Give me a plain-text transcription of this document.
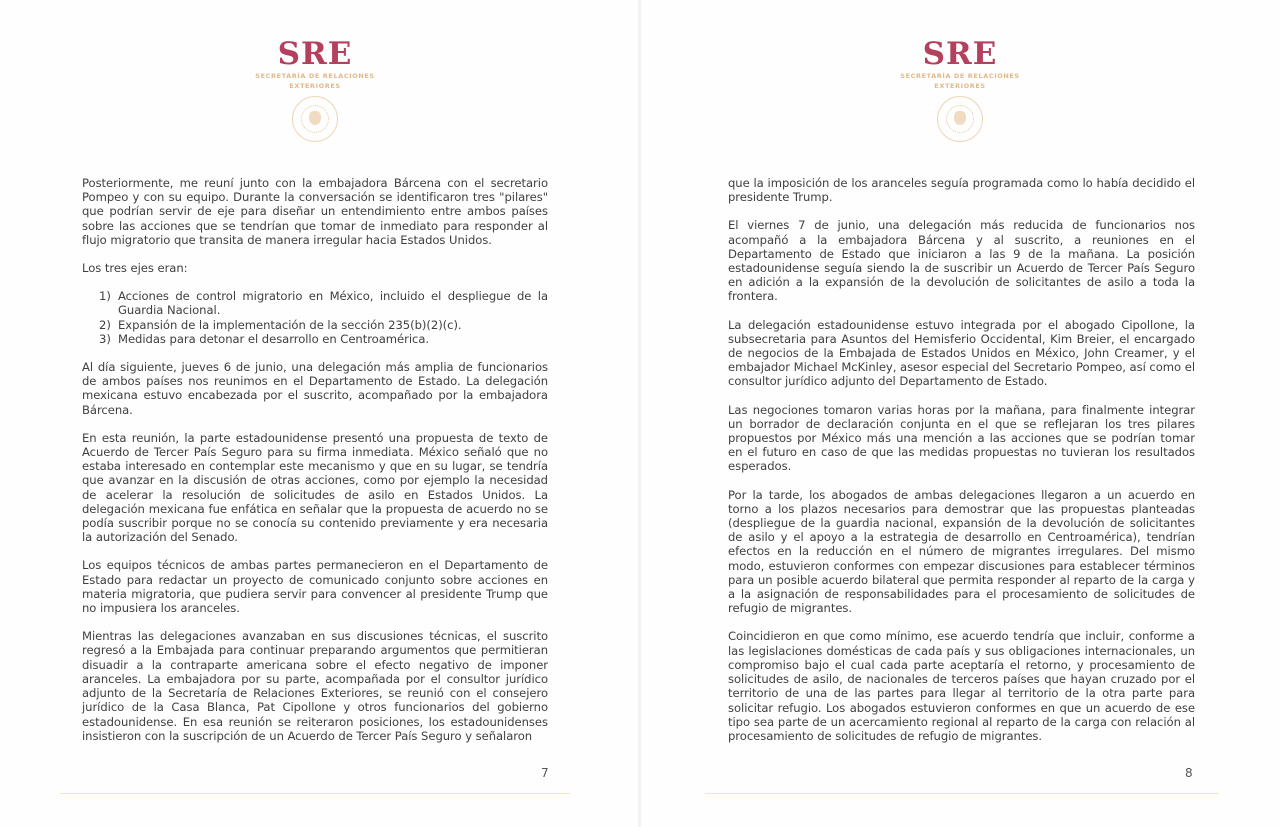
SRE
SECRETARÍA DE RELACIONES
EXTERIORES

Posteriormente, me reuní junto con la embajadora Bárcena con el secretario Pompeo y con su equipo. Durante la conversación se identificaron tres "pilares" que podrían servir de eje para diseñar un entendimiento entre ambos países sobre las acciones que se tendrían que tomar de inmediato para responder al flujo migratorio que transita de manera irregular hacia Estados Unidos.

Los tres ejes eran:

1) Acciones de control migratorio en México, incluido el despliegue de la Guardia Nacional.
2) Expansión de la implementación de la sección 235(b)(2)(c).
3) Medidas para detonar el desarrollo en Centroamérica.

Al día siguiente, jueves 6 de junio, una delegación más amplia de funcionarios de ambos países nos reunimos en el Departamento de Estado. La delegación mexicana estuvo encabezada por el suscrito, acompañado por la embajadora Bárcena.

En esta reunión, la parte estadounidense presentó una propuesta de texto de Acuerdo de Tercer País Seguro para su firma inmediata. México señaló que no estaba interesado en contemplar este mecanismo y que en su lugar, se tendría que avanzar en la discusión de otras acciones, como por ejemplo la necesidad de acelerar la resolución de solicitudes de asilo en Estados Unidos. La delegación mexicana fue enfática en señalar que la propuesta de acuerdo no se podía suscribir porque no se conocía su contenido previamente y era necesaria la autorización del Senado.

Los equipos técnicos de ambas partes permanecieron en el Departamento de Estado para redactar un proyecto de comunicado conjunto sobre acciones en materia migratoria, que pudiera servir para convencer al presidente Trump que no impusiera los aranceles.

Mientras las delegaciones avanzaban en sus discusiones técnicas, el suscrito regresó a la Embajada para continuar preparando argumentos que permitieran disuadir a la contraparte americana sobre el efecto negativo de imponer aranceles. La embajadora por su parte, acompañada por el consultor jurídico adjunto de la Secretaría de Relaciones Exteriores, se reunió con el consejero jurídico de la Casa Blanca, Pat Cipollone y otros funcionarios del gobierno estadounidense. En esa reunión se reiteraron posiciones, los estadounidenses insistieron con la suscripción de un Acuerdo de Tercer País Seguro y señalaron

7
SRE
SECRETARÍA DE RELACIONES
EXTERIORES

que la imposición de los aranceles seguía programada como lo había decidido el presidente Trump.

El viernes 7 de junio, una delegación más reducida de funcionarios nos acompañó a la embajadora Bárcena y al suscrito, a reuniones en el Departamento de Estado que iniciaron a las 9 de la mañana. La posición estadounidense seguía siendo la de suscribir un Acuerdo de Tercer País Seguro en adición a la expansión de la devolución de solicitantes de asilo a toda la frontera.

La delegación estadounidense estuvo integrada por el abogado Cipollone, la subsecretaria para Asuntos del Hemisferio Occidental, Kim Breier, el encargado de negocios de la Embajada de Estados Unidos en México, John Creamer, y el embajador Michael McKinley, asesor especial del Secretario Pompeo, así como el consultor jurídico adjunto del Departamento de Estado.

Las negociones tomaron varias horas por la mañana, para finalmente integrar un borrador de declaración conjunta en el que se reflejaran los tres pilares propuestos por México más una mención a las acciones que se podrían tomar en el futuro en caso de que las medidas propuestas no tuvieran los resultados esperados.

Por la tarde, los abogados de ambas delegaciones llegaron a un acuerdo en torno a los plazos necesarios para demostrar que las propuestas planteadas (despliegue de la guardia nacional, expansión de la devolución de solicitantes de asilo y el apoyo a la estrategia de desarrollo en Centroamérica), tendrían efectos en la reducción en el número de migrantes irregulares. Del mismo modo, estuvieron conformes con empezar discusiones para establecer términos para un posible acuerdo bilateral que permita responder al reparto de la carga y a la asignación de responsabilidades para el procesamiento de solicitudes de refugio de migrantes.

Coincidieron en que como mínimo, ese acuerdo tendría que incluir, conforme a las legislaciones domésticas de cada país y sus obligaciones internacionales, un compromiso bajo el cual cada parte aceptaría el retorno, y procesamiento de solicitudes de asilo, de nacionales de terceros países que hayan cruzado por el territorio de una de las partes para llegar al territorio de la otra parte para solicitar refugio. Los abogados estuvieron conformes en que un acuerdo de ese tipo sea parte de un acercamiento regional al reparto de la carga con relación al procesamiento de solicitudes de refugio de migrantes.

8
